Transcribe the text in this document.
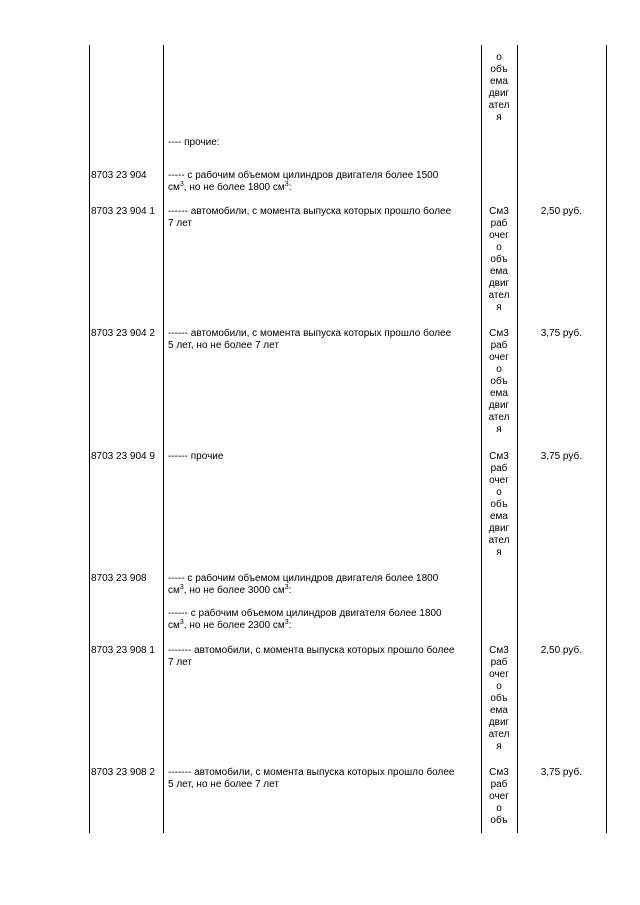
о
объ
ема
двиг
ател
я
---- прочие:
8703 23 904 ----- с рабочим объемом цилиндров двигателя более 1500
$см^3$, но не более 1800 $см^3$:
8703 23 904 1 ------ автомобили, с момента выпуска которых прошло более
7 лет
См3
раб
очег
о
объ
ема
двиг
ател
я
2,50 руб.
8703 23 904 2 ------ автомобили, с момента выпуска которых прошло более
5 лет, но не более 7 лет
См3
раб
очег
о
объ
ема
двиг
ател
я
3,75 руб.
8703 23 904 9 ------ прочие	См3
раб
очег
о
объ
ема
двиг
ател
я
3,75 руб.
8703 23 908 ----- с рабочим объемом цилиндров двигателя более 1800
$см^3$, но не более 3000 $см^3$:
------ с рабочим объемом цилиндров двигателя более 1800
$см^3$, но не более 2300 $см^3$:
8703 23 908 1 ------- автомобили, с момента выпуска которых прошло более
7 лет
См3
раб
очег
о
объ
ема
двиг
ател
я
2,50 руб.
8703 23 908 2 ------- автомобили, с момента выпуска которых прошло более
5 лет, но не более 7 лет
См3
раб
очег
о
объ
3,75 руб.
